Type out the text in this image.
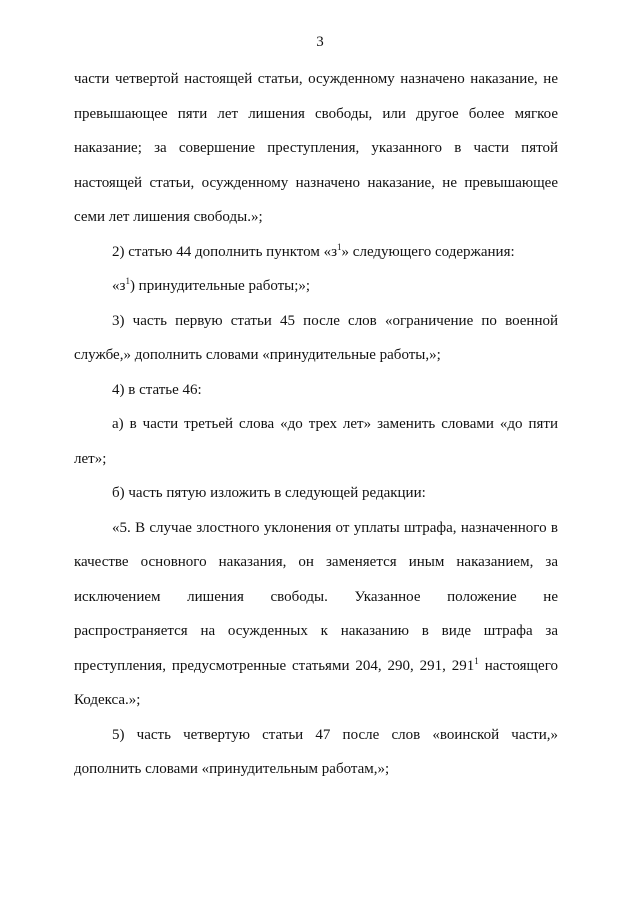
3

части четвертой настоящей статьи, осужденному назначено наказание, не превышающее пяти лет лишения свободы, или другое более мягкое наказание; за совершение преступления, указанного в части пятой настоящей статьи, осужденному назначено наказание, не превышающее семи лет лишения свободы.»;

2) статью 44 дополнить пунктом «$з^1$» следующего содержания:

«$з^1$) принудительные работы;»;

3) часть первую статьи 45 после слов «ограничение по военной службе,» дополнить словами «принудительные работы,»;

4) в статье 46:

а) в части третьей слова «до трех лет» заменить словами «до пяти лет»;

б) часть пятую изложить в следующей редакции:

«5. В случае злостного уклонения от уплаты штрафа, назначенного в качестве основного наказания, он заменяется иным наказанием, за исключением лишения свободы. Указанное положение не распространяется на осужденных к наказанию в виде штрафа за преступления, предусмотренные статьями 204, 290, 291, $291^1$ настоящего Кодекса.»;

5) часть четвертую статьи 47 после слов «воинской части,» дополнить словами «принудительным работам,»;
